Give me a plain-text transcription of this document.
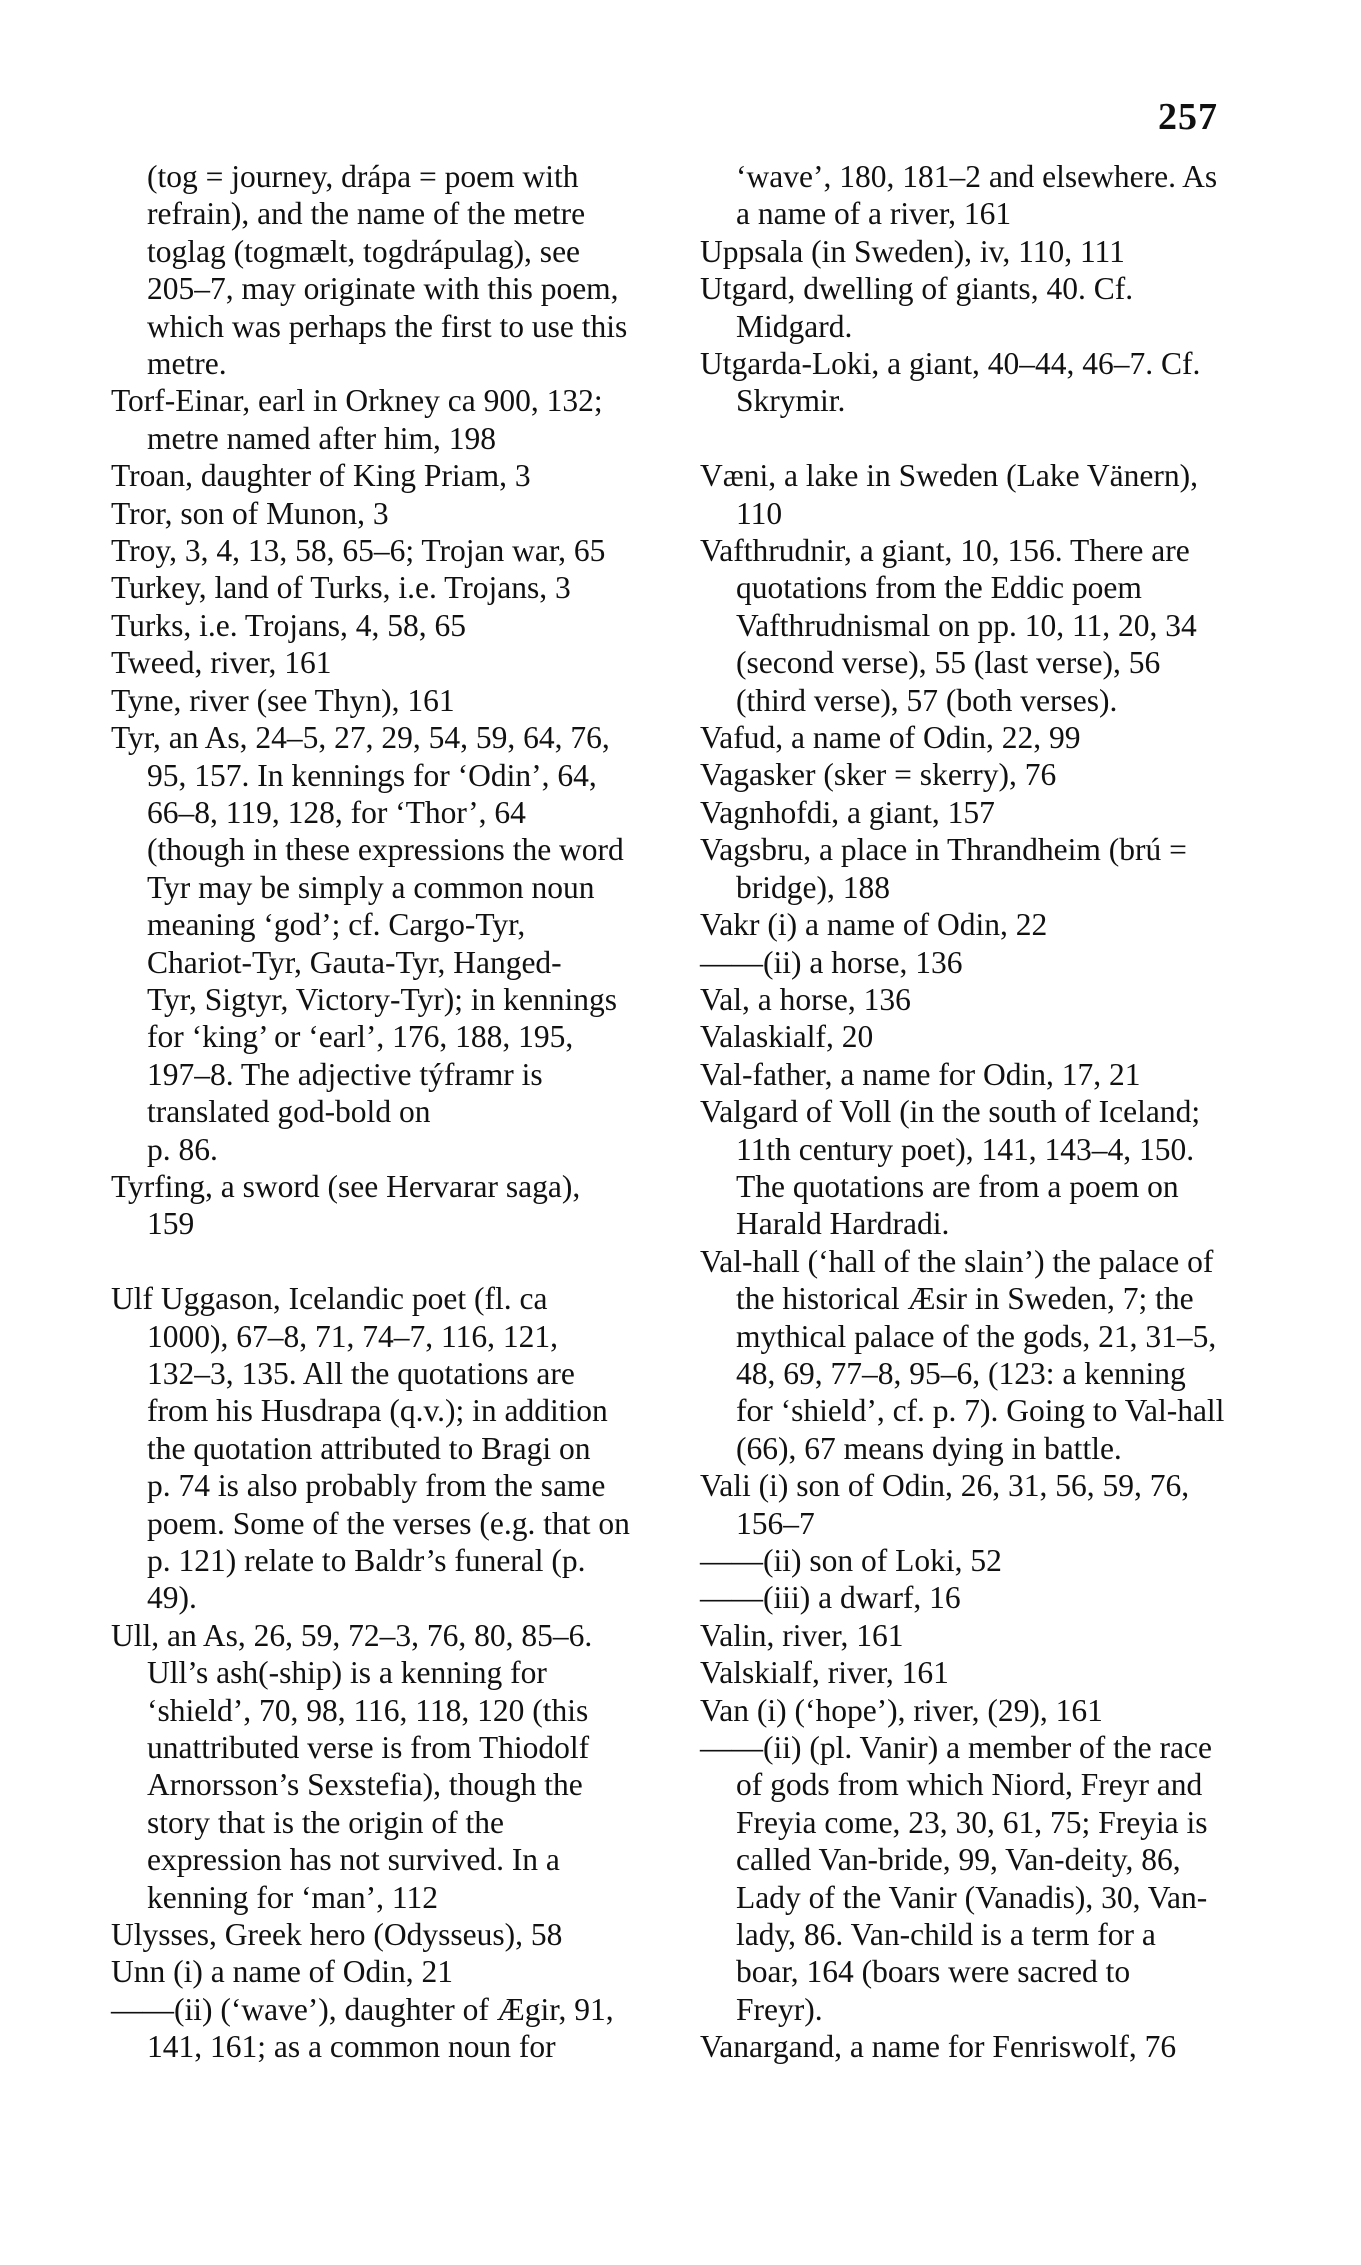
257
(tog = journey, drápa = poem with
refrain), and the name of the metre
toglag (togmælt, togdrápulag), see
205–7, may originate with this poem,
which was perhaps the first to use this
metre.
Torf-Einar, earl in Orkney ca 900, 132;
metre named after him, 198
Troan, daughter of King Priam, 3
Tror, son of Munon, 3
Troy, 3, 4, 13, 58, 65–6; Trojan war, 65
Turkey, land of Turks, i.e. Trojans, 3
Turks, i.e. Trojans, 4, 58, 65
Tweed, river, 161
Tyne, river (see Thyn), 161
Tyr, an As, 24–5, 27, 29, 54, 59, 64, 76,
95, 157. In kennings for ‘Odin’, 64,
66–8, 119, 128, for ‘Thor’, 64
(though in these expressions the word
Tyr may be simply a common noun
meaning ‘god’; cf. Cargo-Tyr,
Chariot-Tyr, Gauta-Tyr, Hanged-
Tyr, Sigtyr, Victory-Tyr); in kennings
for ‘king’ or ‘earl’, 176, 188, 195,
197–8. The adjective týframr is
translated god-bold on
p. 86.
Tyrfing, a sword (see Hervarar saga),
159
Ulf Uggason, Icelandic poet (fl. ca
1000), 67–8, 71, 74–7, 116, 121,
132–3, 135. All the quotations are
from his Husdrapa (q.v.); in addition
the quotation attributed to Bragi on
p. 74 is also probably from the same
poem. Some of the verses (e.g. that on
p. 121) relate to Baldr’s funeral (p.
49).
Ull, an As, 26, 59, 72–3, 76, 80, 85–6.
Ull’s ash(-ship) is a kenning for
‘shield’, 70, 98, 116, 118, 120 (this
unattributed verse is from Thiodolf
Arnorsson’s Sexstefia), though the
story that is the origin of the
expression has not survived. In a
kenning for ‘man’, 112
Ulysses, Greek hero (Odysseus), 58
Unn (i) a name of Odin, 21
——(ii) (‘wave’), daughter of Ægir, 91,
141, 161; as a common noun for
‘wave’, 180, 181–2 and elsewhere. As
a name of a river, 161
Uppsala (in Sweden), iv, 110, 111
Utgard, dwelling of giants, 40. Cf.
Midgard.
Utgarda-Loki, a giant, 40–44, 46–7. Cf.
Skrymir.
Væni, a lake in Sweden (Lake Vänern),
110
Vafthrudnir, a giant, 10, 156. There are
quotations from the Eddic poem
Vafthrudnismal on pp. 10, 11, 20, 34
(second verse), 55 (last verse), 56
(third verse), 57 (both verses).
Vafud, a name of Odin, 22, 99
Vagasker (sker = skerry), 76
Vagnhofdi, a giant, 157
Vagsbru, a place in Thrandheim (brú =
bridge), 188
Vakr (i) a name of Odin, 22
——(ii) a horse, 136
Val, a horse, 136
Valaskialf, 20
Val-father, a name for Odin, 17, 21
Valgard of Voll (in the south of Iceland;
11th century poet), 141, 143–4, 150.
The quotations are from a poem on
Harald Hardradi.
Val-hall (‘hall of the slain’) the palace of
the historical Æsir in Sweden, 7; the
mythical palace of the gods, 21, 31–5,
48, 69, 77–8, 95–6, (123: a kenning
for ‘shield’, cf. p. 7). Going to Val-hall
(66), 67 means dying in battle.
Vali (i) son of Odin, 26, 31, 56, 59, 76,
156–7
——(ii) son of Loki, 52
——(iii) a dwarf, 16
Valin, river, 161
Valskialf, river, 161
Van (i) (‘hope’), river, (29), 161
——(ii) (pl. Vanir) a member of the race
of gods from which Niord, Freyr and
Freyia come, 23, 30, 61, 75; Freyia is
called Van-bride, 99, Van-deity, 86,
Lady of the Vanir (Vanadis), 30, Van-
lady, 86. Van-child is a term for a
boar, 164 (boars were sacred to
Freyr).
Vanargand, a name for Fenriswolf, 76
